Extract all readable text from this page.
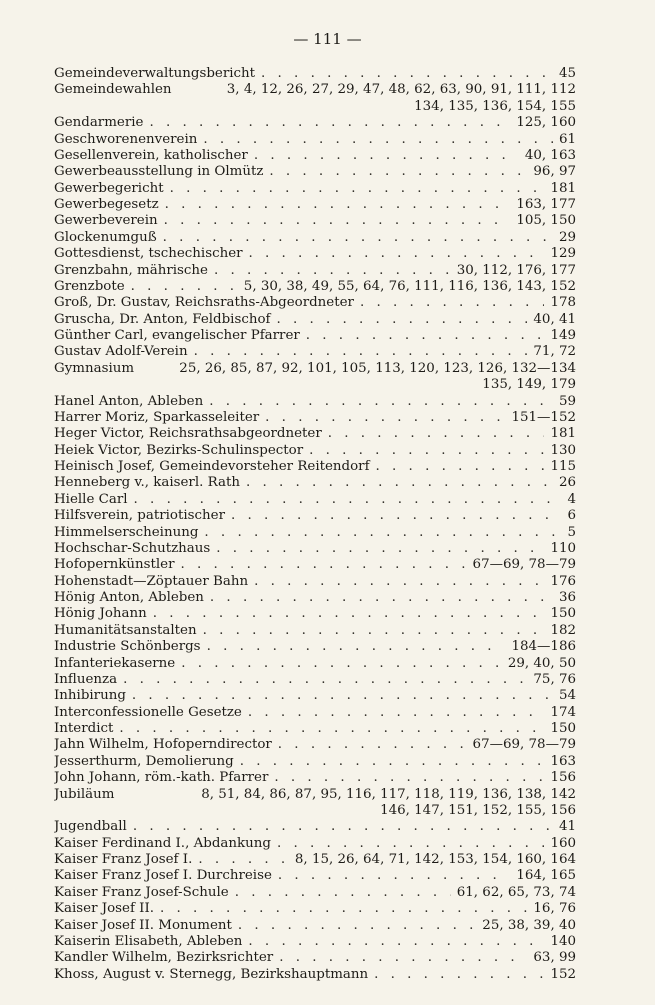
— 111 —
Gemeindeverwaltungsbericht . . .	45
Gemeindewahlen	3, 4, 12, 26, 27, 29, 47, 48, 62, 63, 90, 91, 111, 112
134, 135, 136, 154, 155
Gendarmerie . . .	125, 160
Geschworenenverein . . .	61
Gesellenverein, katholischer . . .	40, 163
Gewerbeausstellung in Olmütz . . .	96, 97
Gewerbegericht . . .	181
Gewerbegesetz . . .	163, 177
Gewerbeverein . . .	105, 150
Glockenumguß . . .	29
Gottesdienst, tschechischer . . .	129
Grenzbahn, mährische . . .	30, 112, 176, 177
Grenzbote . . .	5, 30, 38, 49, 55, 64, 76, 111, 116, 136, 143, 152
Groß, Dr. Gustav, Reichsraths-Abgeordneter . . .	178
Gruscha, Dr. Anton, Feldbischof . . .	40, 41
Günther Carl, evangelischer Pfarrer . . .	149
Gustav Adolf-Verein . . .	71, 72
Gymnasium	25, 26, 85, 87, 92, 101, 105, 113, 120, 123, 126, 132—134
135, 149, 179
Hanel Anton, Ableben . . .	59
Harrer Moriz, Sparkasseleiter . . .	151—152
Heger Victor, Reichsrathsabgeordneter . . .	181
Heiek Victor, Bezirks-Schulinspector . . .	130
Heinisch Josef, Gemeindevorsteher Reitendorf . . .	115
Henneberg v., kaiserl. Rath . . .	26
Hielle Carl . . .	4
Hilfsverein, patriotischer . . .	6
Himmelserscheinung . . .	5
Hochschar-Schutzhaus . . .	110
Hofopernkünstler . . .	67—69, 78—79
Hohenstadt—Zöptauer Bahn . . .	176
Hönig Anton, Ableben . . .	36
Hönig Johann . . .	150
Humanitätsanstalten . . .	182
Industrie Schönbergs . . .	184—186
Infanteriekaserne . . .	29, 40, 50
Influenza . . .	75, 76
Inhibirung . . .	54
Interconfessionelle Gesetze . . .	174
Interdict . . .	150
Jahn Wilhelm, Hofoperndirector . . .	67—69, 78—79
Jesserthurm, Demolierung . . .	163
John Johann, röm.-kath. Pfarrer . . .	156
Jubiläum	8, 51, 84, 86, 87, 95, 116, 117, 118, 119, 136, 138, 142
146, 147, 151, 152, 155, 156
Jugendball . . .	41
Kaiser Ferdinand I., Abdankung . . .	160
Kaiser Franz Josef I. . . .	8, 15, 26, 64, 71, 142, 153, 154, 160, 164
Kaiser Franz Josef I. Durchreise . . .	164, 165
Kaiser Franz Josef-Schule . . .	61, 62, 65, 73, 74
Kaiser Josef II. . . .	16, 76
Kaiser Josef II. Monument . . .	25, 38, 39, 40
Kaiserin Elisabeth, Ableben . . .	140
Kandler Wilhelm, Bezirksrichter . . .	63, 99
Khoss, August v. Sternegg, Bezirkshauptmann . . .	152
